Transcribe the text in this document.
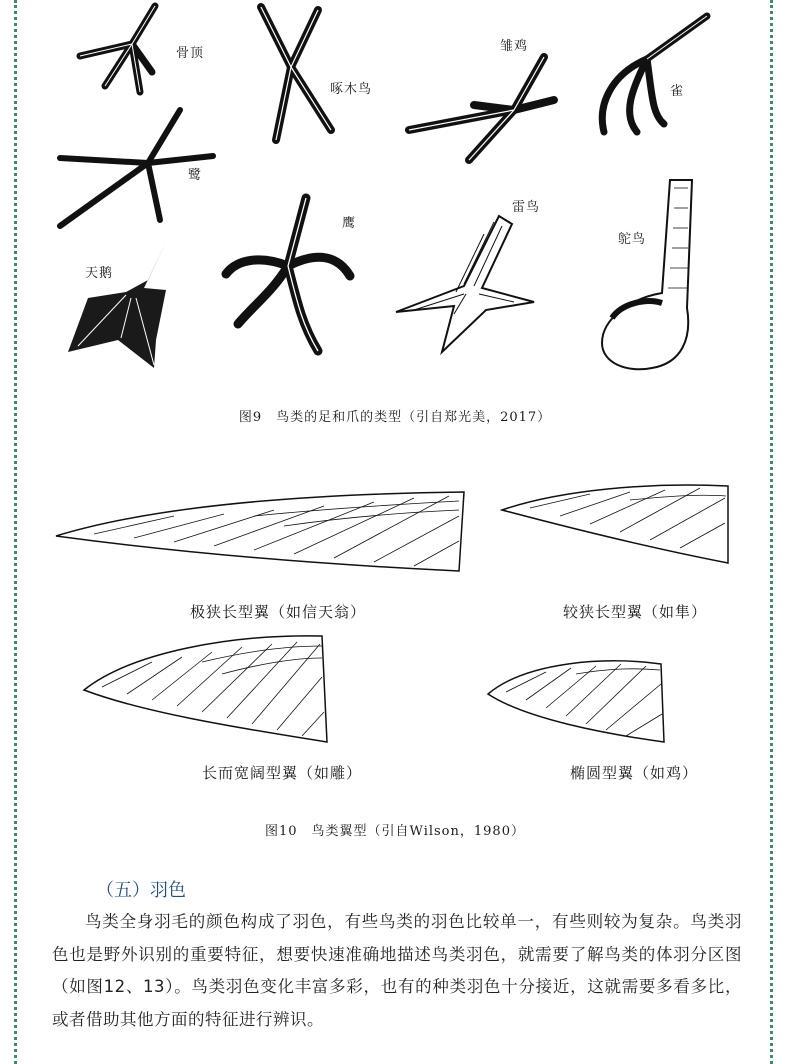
骨顶
啄木鸟
雏鸡
雀
鹭
天鹅
鹰
雷鸟
鸵鸟
图9　鸟类的足和爪的类型（引自郑光美，2017）
极狭长型翼（如信天翁）	较狭长型翼（如隼）
长而宽阔型翼（如雕）	椭圆型翼（如鸡）
图10　鸟类翼型（引自Wilson，1980）
（五）羽色

鸟类全身羽毛的颜色构成了羽色，有些鸟类的羽色比较单一，有些则较为复杂。鸟类羽色也是野外识别的重要特征，想要快速准确地描述鸟类羽色，就需要了解鸟类的体羽分区图（如图12、13）。鸟类羽色变化丰富多彩，也有的种类羽色十分接近，这就需要多看多比，或者借助其他方面的特征进行辨识。
